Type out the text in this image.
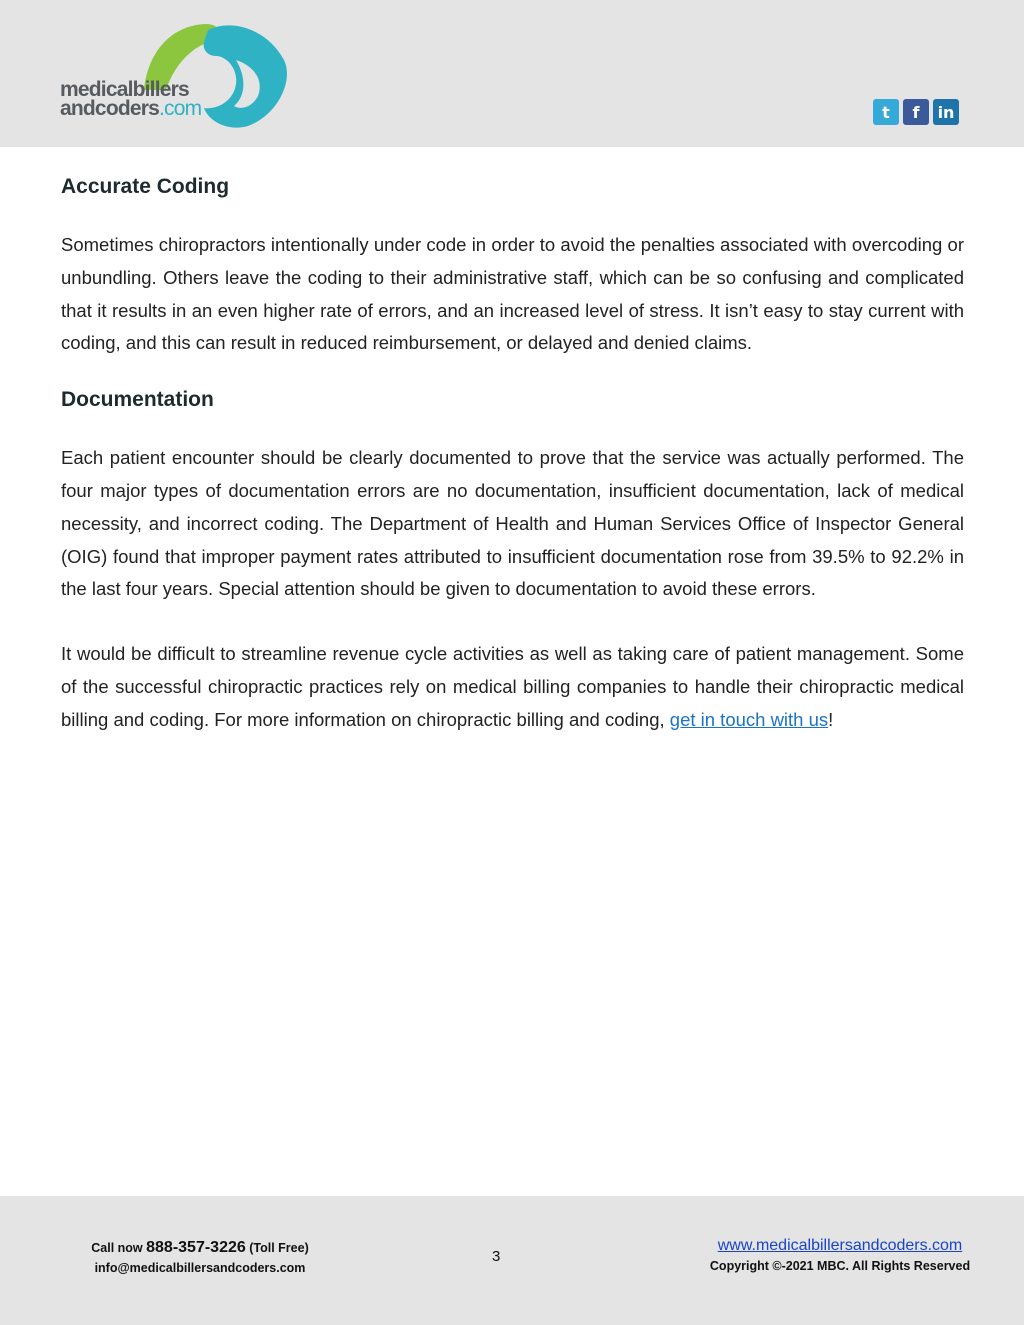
medicalbillers
andcoders.com	t	f	in
Accurate Coding

Sometimes chiropractors intentionally under code in order to avoid the penalties associated with overcoding or unbundling. Others leave the coding to their administrative staff, which can be so confusing and complicated that it results in an even higher rate of errors, and an increased level of stress. It isn’t easy to stay current with coding, and this can result in reduced reimbursement, or delayed and denied claims.

Documentation

Each patient encounter should be clearly documented to prove that the service was actually performed. The four major types of documentation errors are no documentation, insufficient documentation, lack of medical necessity, and incorrect coding. The Department of Health and Human Services Office of Inspector General (OIG) found that improper payment rates attributed to insufficient documentation rose from 39.5% to 92.2% in the last four years. Special attention should be given to documentation to avoid these errors.

It would be difficult to streamline revenue cycle activities as well as taking care of patient management. Some of the successful chiropractic practices rely on medical billing companies to handle their chiropractic medical billing and coding. For more information on chiropractic billing and coding, get in touch with us!

Call now 888-357-3226 (Toll Free)
info@medicalbillersandcoders.com
3
www.medicalbillersandcoders.com
Copyright ©-2021 MBC. All Rights Reserved
